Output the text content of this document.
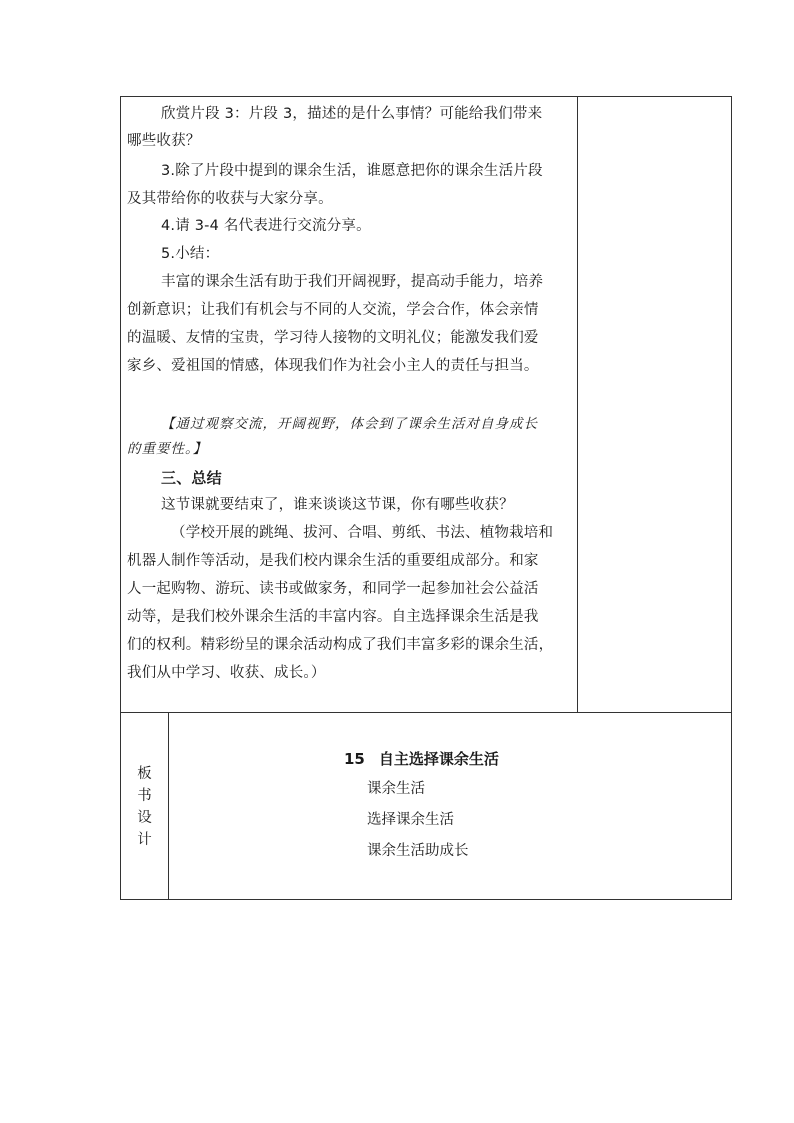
欣赏片段 3：片段 3，描述的是什么事情？可能给我们带来
哪些收获？
3.除了片段中提到的课余生活，谁愿意把你的课余生活片段
及其带给你的收获与大家分享。
4.请 3-4 名代表进行交流分享。
5.小结：
丰富的课余生活有助于我们开阔视野，提高动手能力，培养
创新意识；让我们有机会与不同的人交流，学会合作，体会亲情
的温暖、友情的宝贵，学习待人接物的文明礼仪；能激发我们爱
家乡、爱祖国的情感，体现我们作为社会小主人的责任与担当。
【通过观察交流，开阔视野，体会到了课余生活对自身成长
的重要性。】
三、总结
这节课就要结束了，谁来谈谈这节课，你有哪些收获？
（学校开展的跳绳、拔河、合唱、剪纸、书法、植物栽培和
机器人制作等活动，是我们校内课余生活的重要组成部分。和家
人一起购物、游玩、读书或做家务，和同学一起参加社会公益活
动等，是我们校外课余生活的丰富内容。自主选择课余生活是我
们的权利。精彩纷呈的课余活动构成了我们丰富多彩的课余生活，
我们从中学习、收获、成长。）
板
书
设
计
15 自主选择课余生活
课余生活
选择课余生活
课余生活助成长
